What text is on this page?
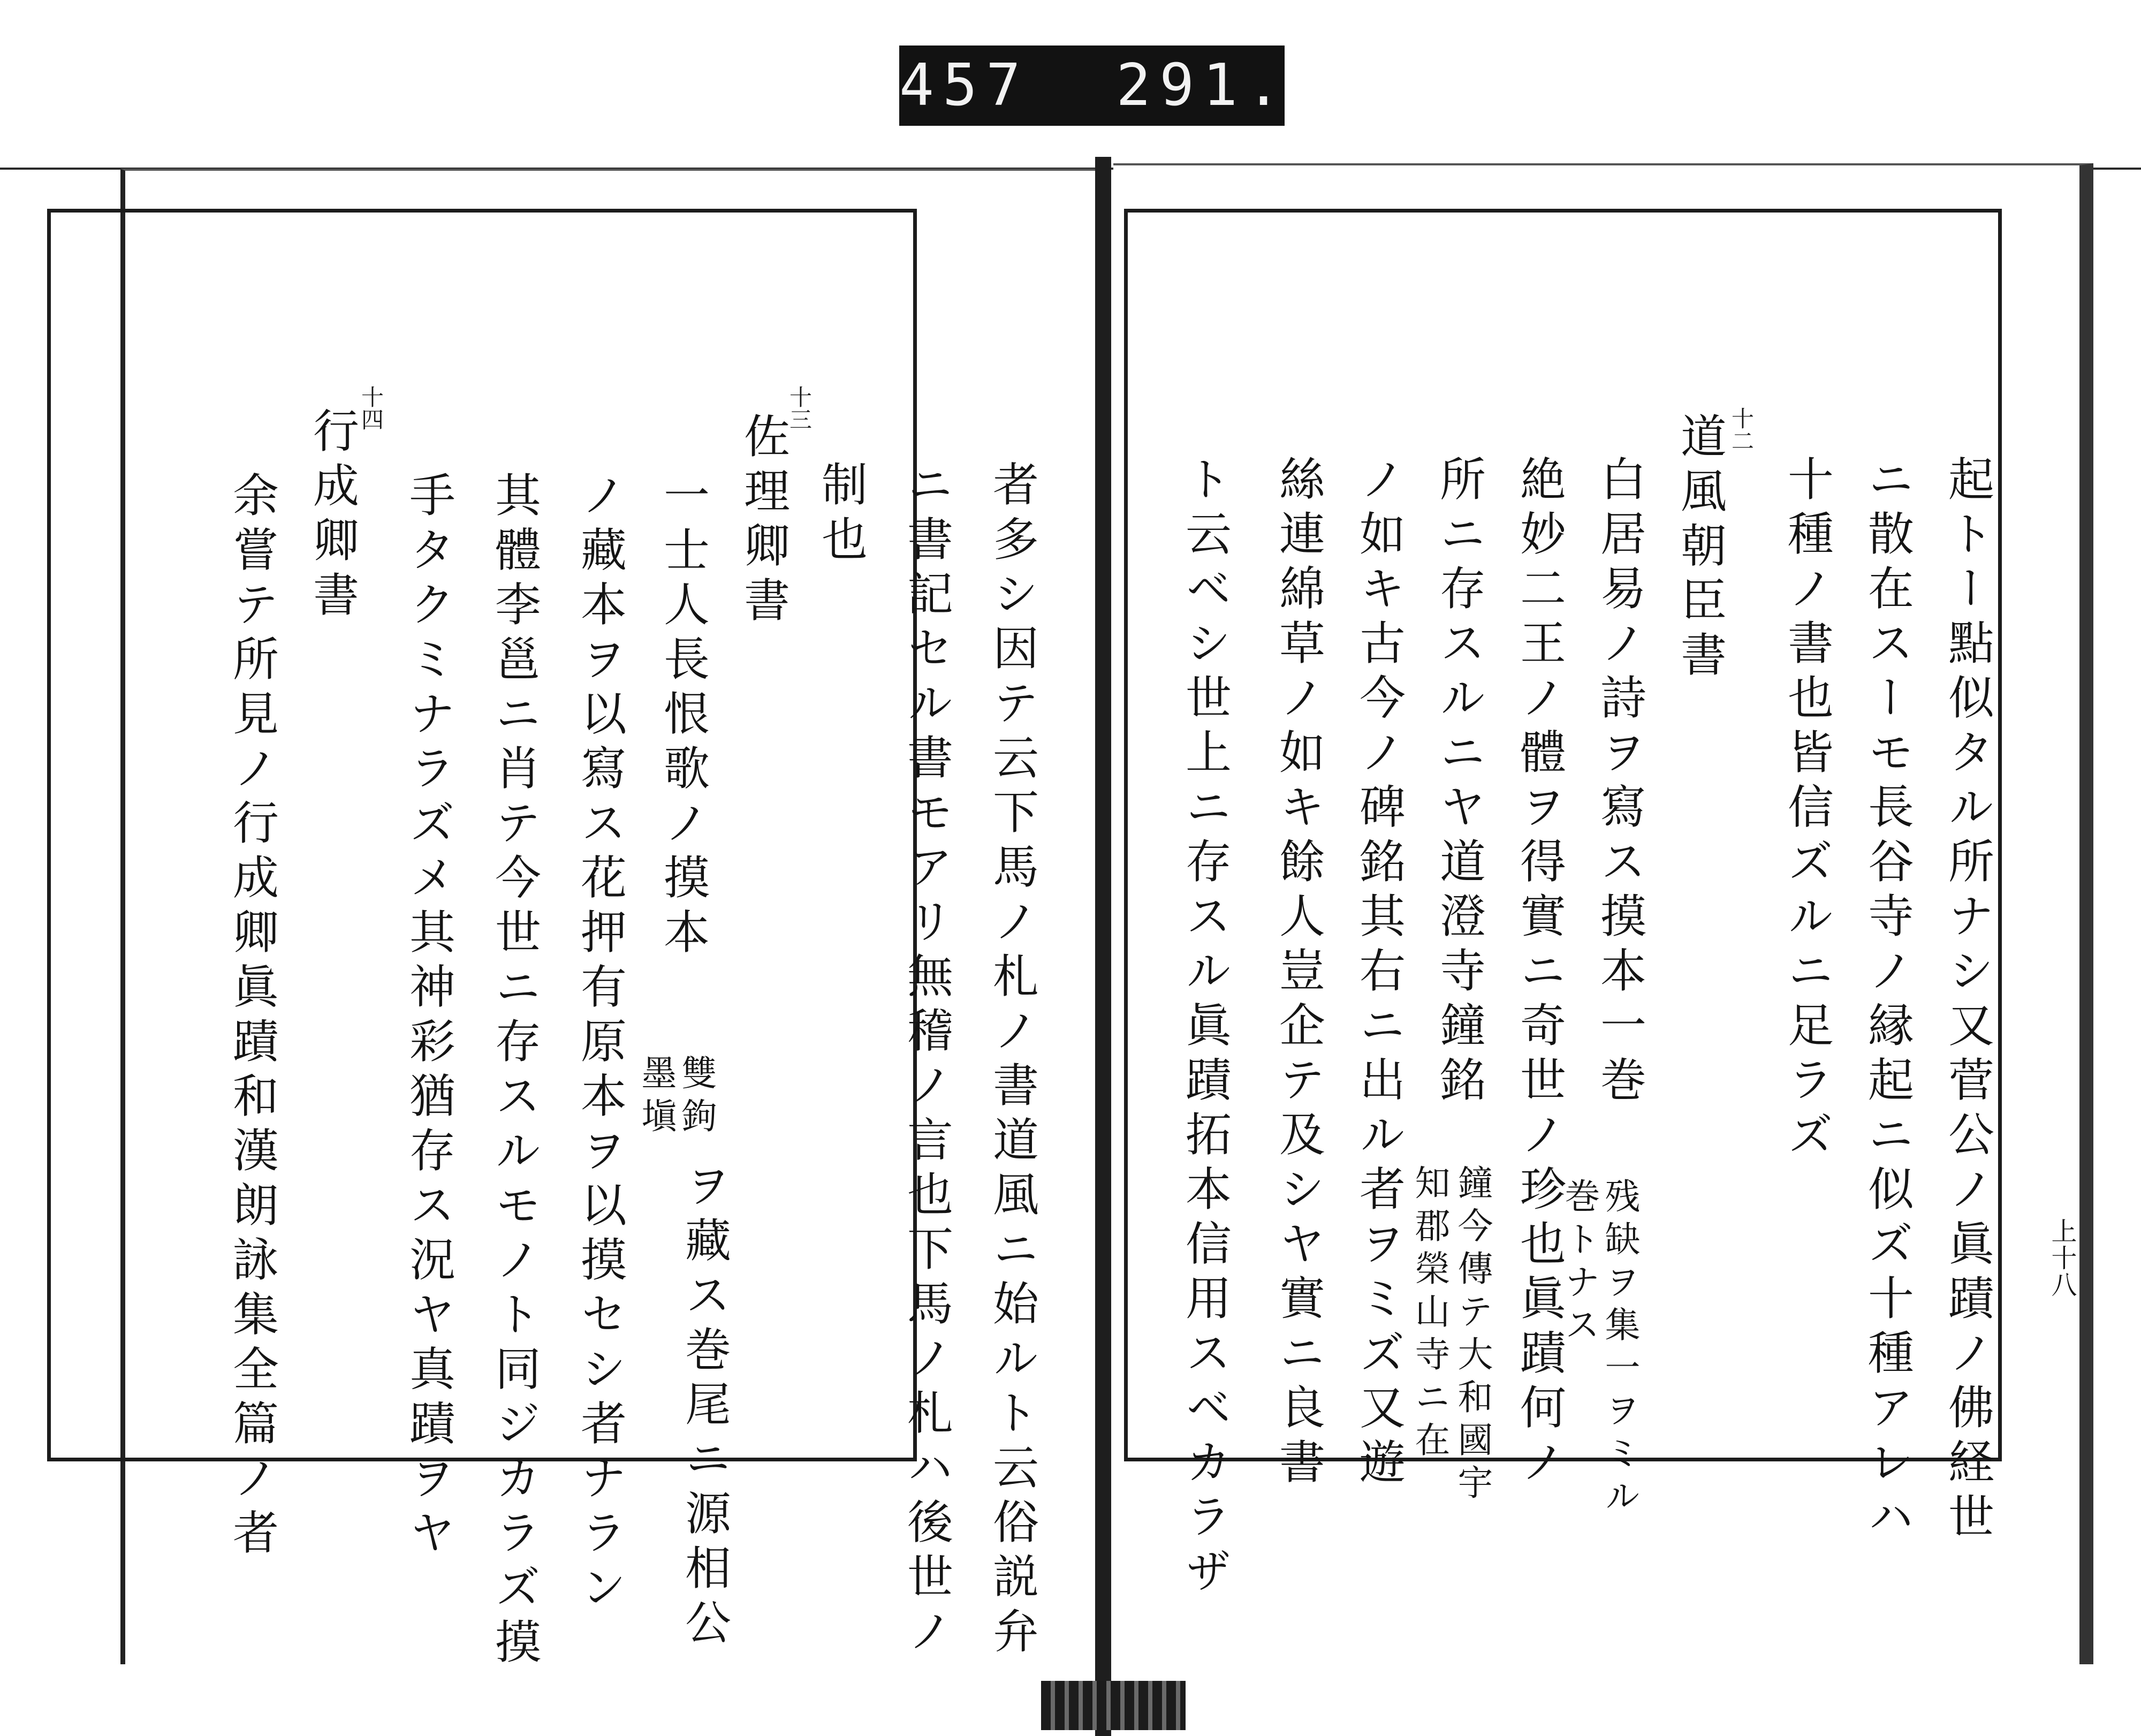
457  291.
起トー點似タル所ナシ又菅公ノ眞蹟ノ佛経世
ニ散在スーモ長谷寺ノ縁起ニ似ズ十種アレハ
十種ノ書也皆信ズルニ足ラズ
十二
道風朝臣書
白居易ノ詩ヲ寫ス摸本一巻
残缺ヲ集一ヲミル
巻トナス
絶妙二王ノ體ヲ得實ニ奇世ノ珍也眞蹟何ノ
所ニ存スルニヤ道澄寺鐘銘
鐘今傳テ大和國宇
知郡榮山寺ニ在
ノ如キ古今ノ碑銘其右ニ出ル者ヲミズ又遊
絲連綿草ノ如キ餘人豈企テ及シヤ實ニ良書
ト云ベシ世上ニ存スル眞蹟拓本信用スベカラザ	上十八
者多シ因テ云下馬ノ札ノ書道風ニ始ルト云俗説弁
ニ書記セル書モアリ無稽ノ言也下馬ノ札ハ後世ノ
制也
十三
佐理卿書
一士人長恨歌ノ摸本
雙鉤
墨塡
ヲ藏ス巻尾ニ源相公
ノ藏本ヲ以寫ス花押有原本ヲ以摸セシ者ナラン
其體李邕ニ肖テ今世ニ存スルモノト同ジカラズ摸
手タクミナラズメ其神彩猶存ス況ヤ真蹟ヲヤ
十四
行成卿書
余嘗テ所見ノ行成卿眞蹟和漢朗詠集全篇ノ者
